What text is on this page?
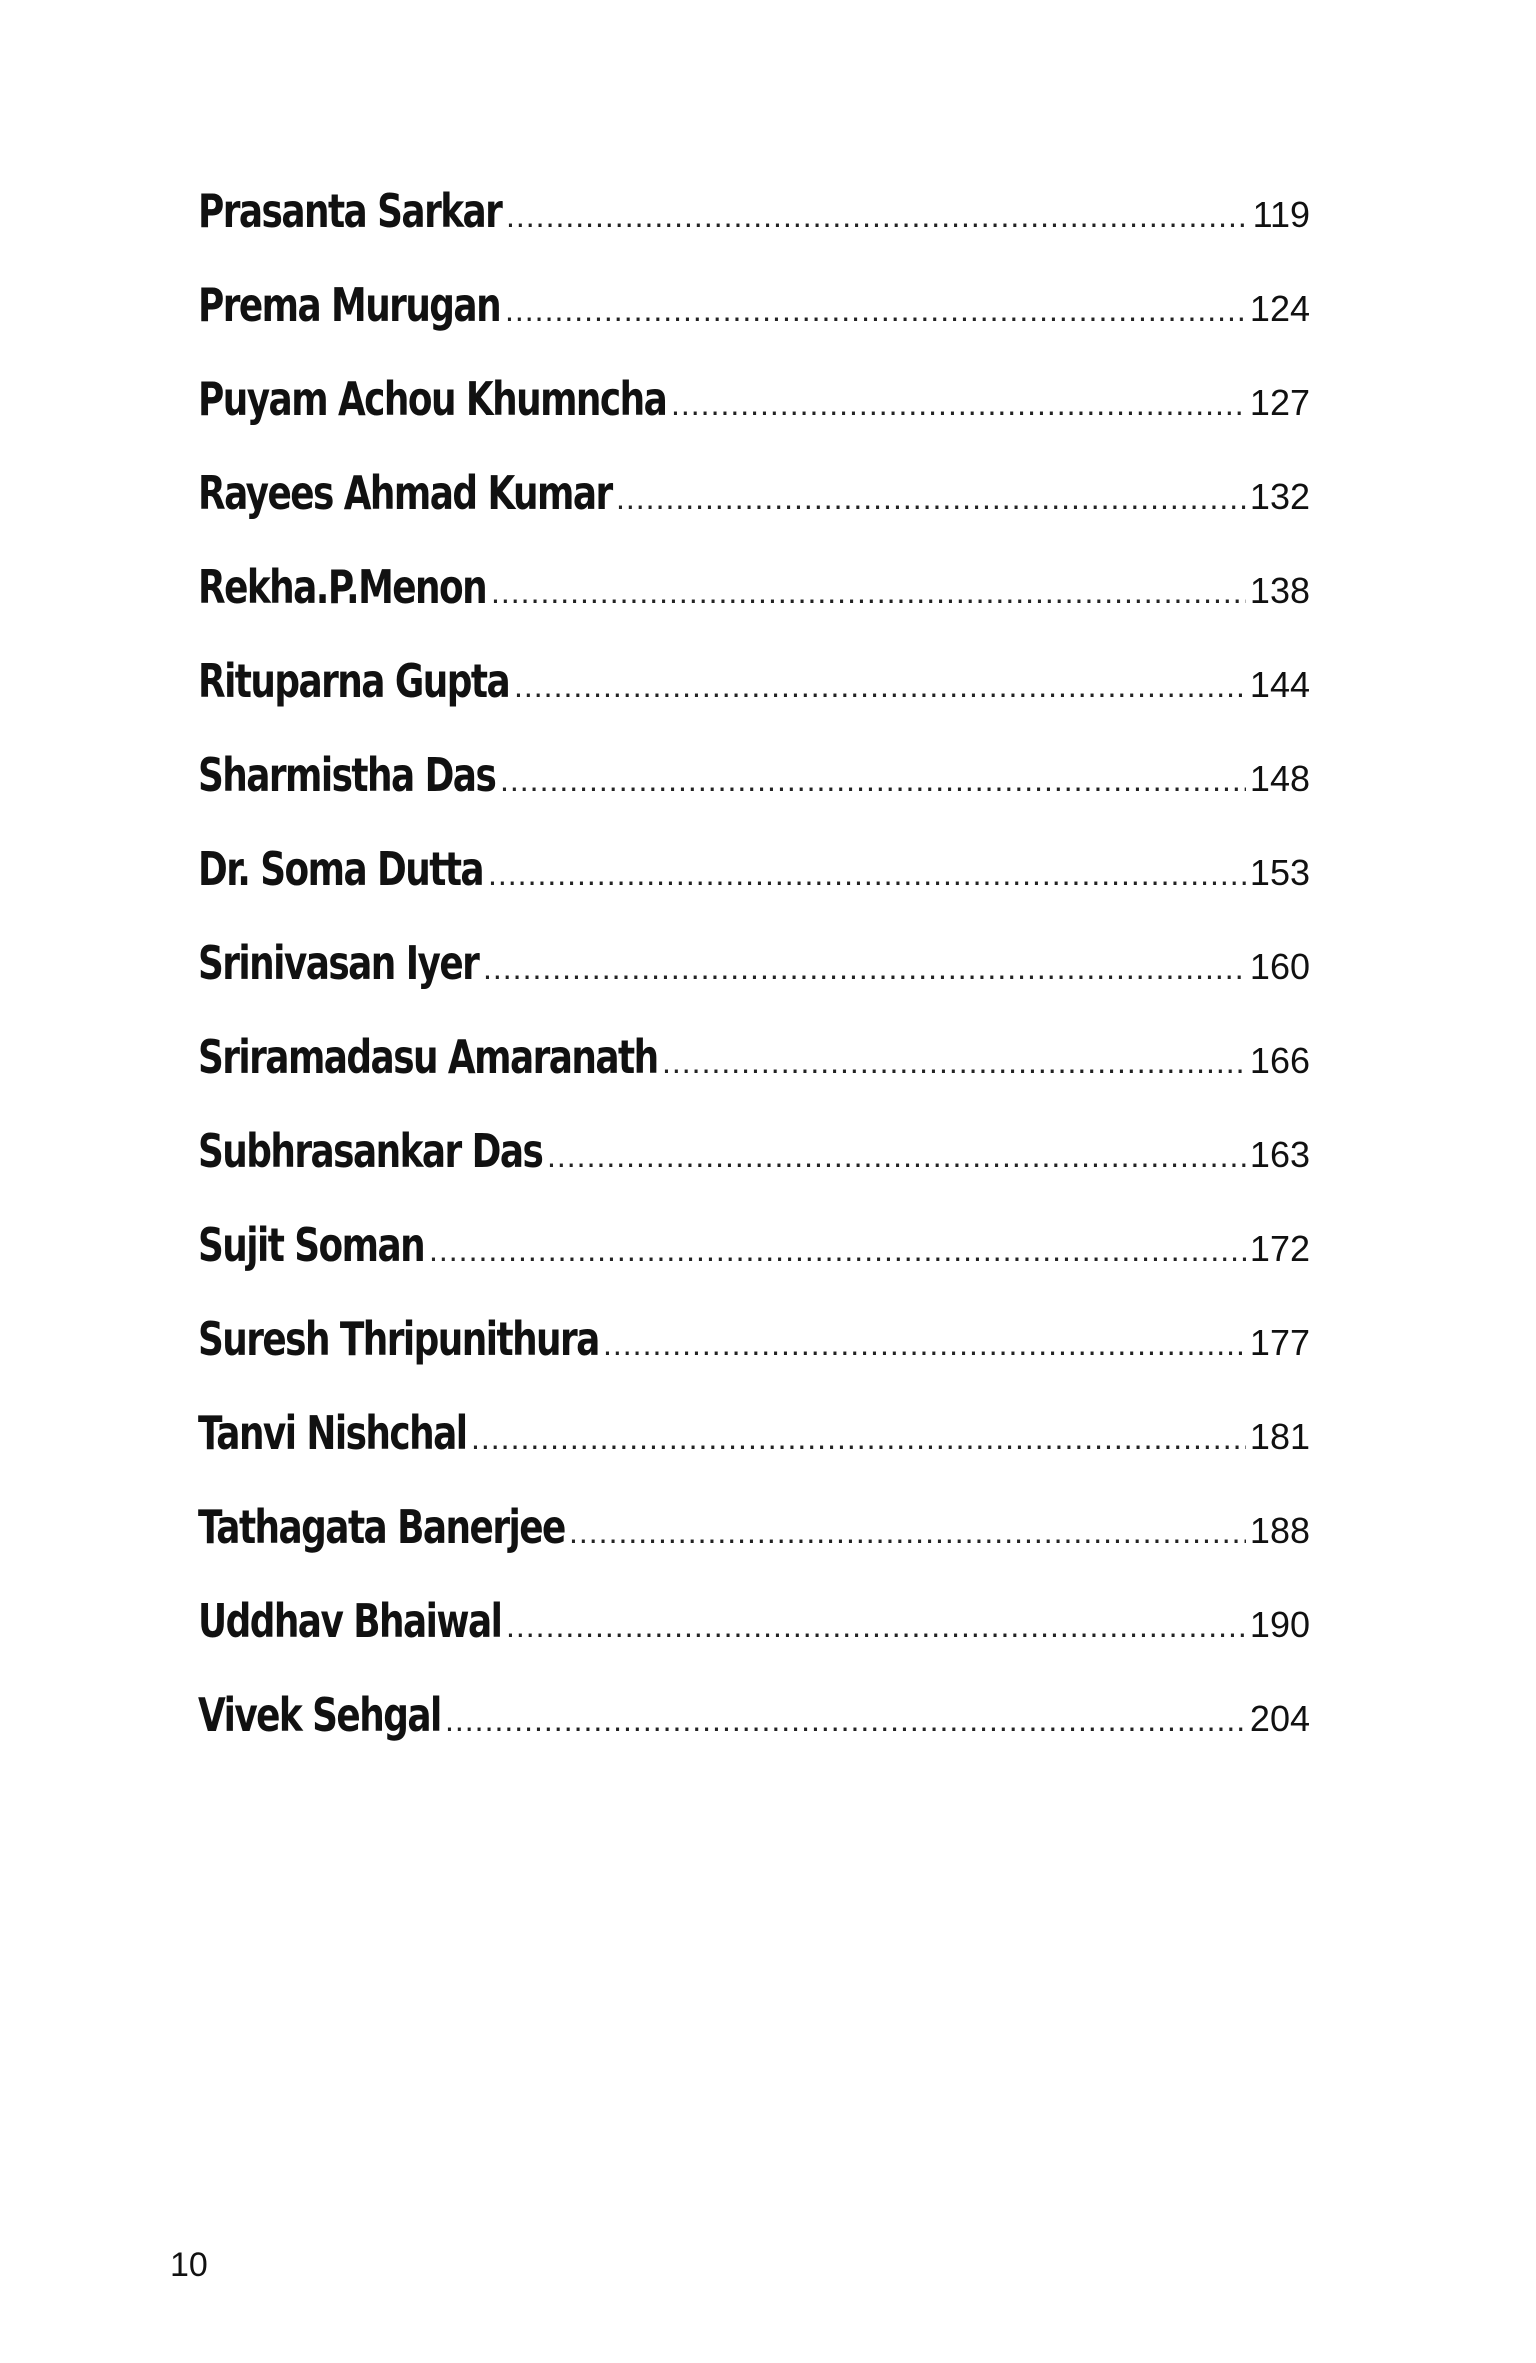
Prasanta Sarkar .....	119
Prema Murugan .....	124
Puyam Achou Khumncha .....	127
Rayees Ahmad Kumar .....	132
Rekha.P.Menon .....	138
Rituparna Gupta .....	144
Sharmistha Das .....	148
Dr. Soma Dutta .....	153
Srinivasan Iyer .....	160
Sriramadasu Amaranath .....	166
Subhrasankar Das .....	163
Sujit Soman .....	172
Suresh Thripunithura .....	177
Tanvi Nishchal .....	181
Tathagata Banerjee .....	188
Uddhav Bhaiwal .....	190
Vivek Sehgal .....	204
10
